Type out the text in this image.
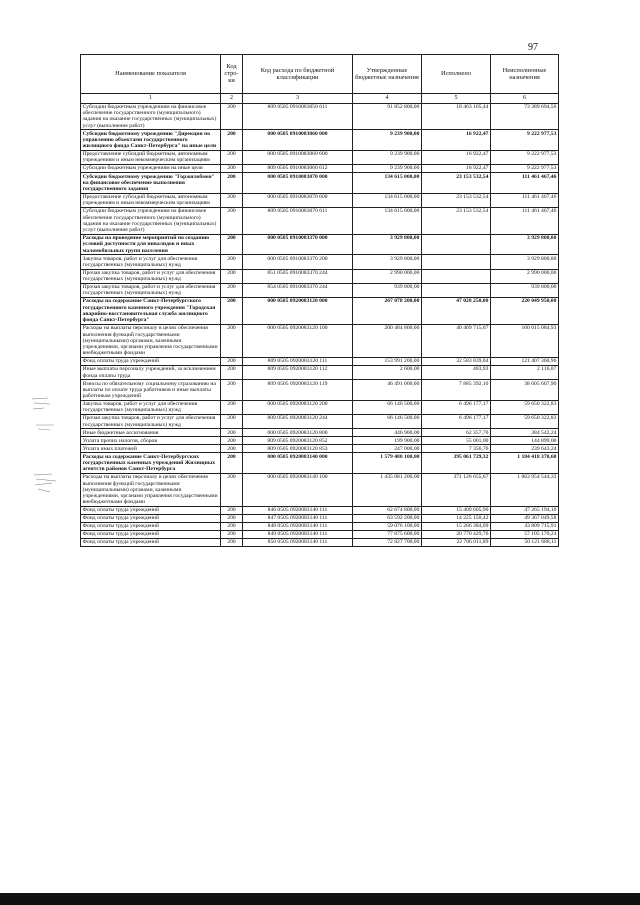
97
Наименование показателя	Код стро- ки	Код расхода по бюджетной классификации	Утвержденные бюджетные назначения	Исполнено	Неисполненные назначения
1	2	3	4	5	6
Субсидии бюджетным учреждениям на финансовое обеспечение государственного (муниципального) задания на оказание государственных (муниципальных) услуг (выполнение работ)	200	809 0505 0910083050 611	91 852 800,00	18 463 105,44	73 389 694,56
Субсидии бюджетному учреждению "Дирекция по управлению объектами государственного жилищного фонда Санкт-Петербурга" на иные цели	200	000 0505 0910083060 000	9 239 900,00	16 922,47	9 222 977,53
Предоставление субсидий бюджетным, автономным учреждениям и иным некоммерческим организациям	200	000 0505 0910083060 600	9 239 900,00	16 922,47	9 222 977,53
Субсидии бюджетным учреждениям на иные цели	200	809 0505 0910083060 612	9 239 900,00	16 922,47	9 222 977,53
Субсидии бюджетному учреждению "Горжилобмен" на финансовое обеспечение выполнения государственного задания	200	000 0505 0910083070 000	134 615 000,00	23 153 532,54	111 461 467,46
Предоставление субсидий бюджетным, автономным учреждениям и иным некоммерческим организациям	200	000 0505 0910083070 600	134 615 000,00	23 153 532,54	111 461 467,46
Субсидии бюджетным учреждениям на финансовое обеспечение государственного (муниципального) задания на оказание государственных (муниципальных) услуг (выполнение работ)	200	809 0505 0910083070 611	134 615 000,00	23 153 532,54	111 461 467,46
Расходы на проведение мероприятий по созданию условий доступности для инвалидов и иных маломобильных групп населения	200	000 0505 0910083370 000	3 929 800,00		3 929 800,00
Закупка товаров, работ и услуг для обеспечения государственных (муниципальных) нужд	200	000 0505 0910083370 200	3 929 800,00		3 929 800,00
Прочая закупка товаров, работ и услуг для обеспечения государственных (муниципальных) нужд	200	851 0505 0910083370 244	2 990 000,00		2 990 000,00
Прочая закупка товаров, работ и услуг для обеспечения государственных (муниципальных) нужд	200	854 0505 0910083370 244	939 800,00		939 800,00
Расходы на содержание Санкт-Петербургского государственного казенного учреждения "Городская аварийно-восстановительная служба жилищного фонда Санкт-Петербурга"	200	000 0505 0920083120 000	267 078 200,00	47 028 250,00	220 049 950,00
Расходы на выплаты персоналу в целях обеспечения выполнения функций государственными (муниципальными) органами, казенными учреждениями, органами управления государственными внебюджетными фондами	200	000 0505 0920083120 100	200 484 800,00	40 469 715,07	160 015 084,93
Фонд оплаты труда учреждений	200	809 0505 0920083120 111	153 991 200,00	32 583 839,04	121 407 360,96
Иные выплаты персоналу учреждений, за исключением фонда оплаты труда	200	809 0505 0920083120 112	2 600,00	483,93	2 116,07
Взносы по обязательному социальному страхованию на выплаты по оплате труда работников и иные выплаты работникам учреждений	200	809 0505 0920083120 119	46 491 000,00	7 885 392,10	38 605 607,90
Закупка товаров, работ и услуг для обеспечения государственных (муниципальных) нужд	200	000 0505 0920083120 200	66 146 500,00	6 496 177,17	59 650 322,83
Прочая закупка товаров, работ и услуг для обеспечения государственных (муниципальных) нужд	200	809 0505 0920083120 244	66 146 500,00	6 496 177,17	59 650 322,83
Иные бюджетные ассигнования	200	000 0505 0920083120 800	446 900,00	62 357,76	384 542,24
Уплата прочих налогов, сборов	200	809 0505 0920083120 852	199 900,00	55 001,00	144 899,00
Уплата иных платежей	200	809 0505 0920083120 853	247 000,00	7 356,76	239 643,24
Расходы на содержание Санкт-Петербургских государственных казенных учреждений Жилищных агентств районов Санкт-Петербурга	200	000 0505 0920083140 000	1 579 480 100,00	395 061 729,32	1 184 418 370,68
Расходы на выплаты персоналу в целях обеспечения выполнения функций государственными (муниципальными) органами, казенными учреждениями, органами управления государственными внебюджетными фондами	200	000 0505 0920083140 100	1 435 081 200,00	371 126 655,67	1 063 954 544,33
Фонд оплаты труда учреждений	200	846 0505 0920083140 111	62 674 800,00	15 409 605,90	47 265 194,10
Фонд оплаты труда учреждений	200	847 0505 0920083140 111	63 592 200,00	14 225 150,42	49 367 049,58
Фонд оплаты труда учреждений	200	848 0505 0920083140 111	59 076 100,00	15 266 384,09	43 809 715,91
Фонд оплаты труда учреждений	200	849 0505 0920083140 111	77 875 600,00	20 770 429,76	57 105 170,24
Фонд оплаты труда учреждений	200	850 0505 0920083140 111	72 827 700,00	22 706 011,89	50 121 688,11
